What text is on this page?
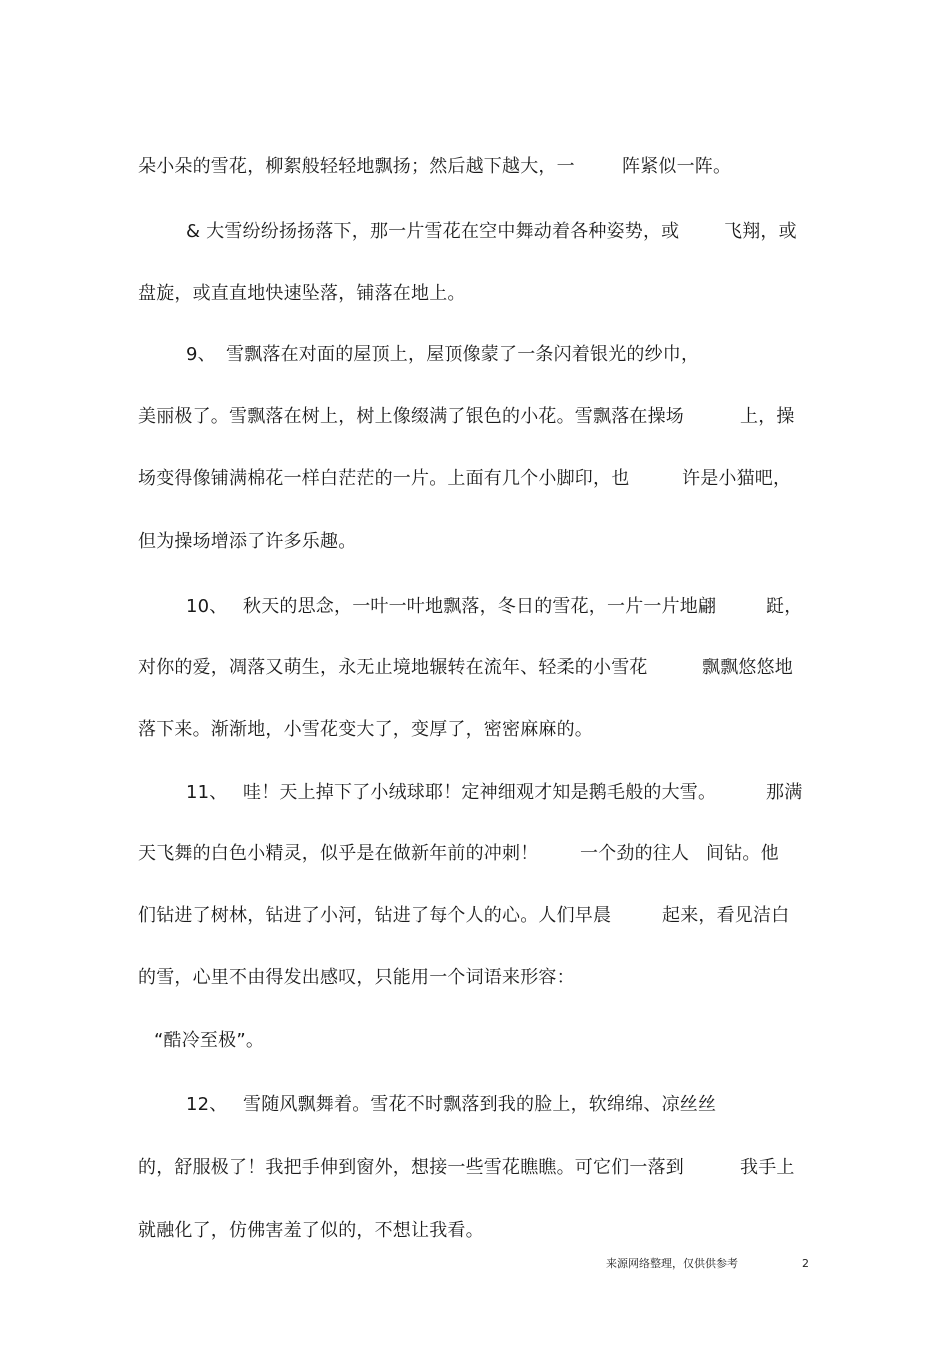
朵小朵的雪花，柳絮般轻轻地飘扬；然后越下越大，一	阵紧似一阵。
& 大雪纷纷扬扬落下，那一片雪花在空中舞动着各种姿势，或 飞翔，或
盘旋，或直直地快速坠落，铺落在地上。
9、 雪飘落在对面的屋顶上，屋顶像蒙了一条闪着银光的纱巾，
美丽极了。雪飘落在树上，树上像缀满了银色的小花。雪飘落在操场	上，操
场变得像铺满棉花一样白茫茫的一片。上面有几个小脚印，也	许是小猫吧，
但为操场增添了许多乐趣。
10、 秋天的思念，一叶一叶地飘落，冬日的雪花，一片一片地翩	跹，
对你的爱，凋落又萌生，永无止境地辗转在流年、轻柔的小雪花	飘飘悠悠地
落下来。渐渐地，小雪花变大了，变厚了，密密麻麻的。
11、 哇！天上掉下了小绒球耶！定神细观才知是鹅毛般的大雪。	那满
天飞舞的白色小精灵，似乎是在做新年前的冲刺！ 一个劲的往人 间钻。他
们钻进了树林，钻进了小河，钻进了每个人的心。人们早晨	起来，看见洁白
的雪，心里不由得发出感叹，只能用一个词语来形容：
“酷冷至极”。
12、 雪随风飘舞着。雪花不时飘落到我的脸上，软绵绵、凉丝丝
的，舒服极了！我把手伸到窗外，想接一些雪花瞧瞧。可它们一落到	我手上
就融化了，仿佛害羞了似的，不想让我看。
来源网络整理，仅供供参考	2
